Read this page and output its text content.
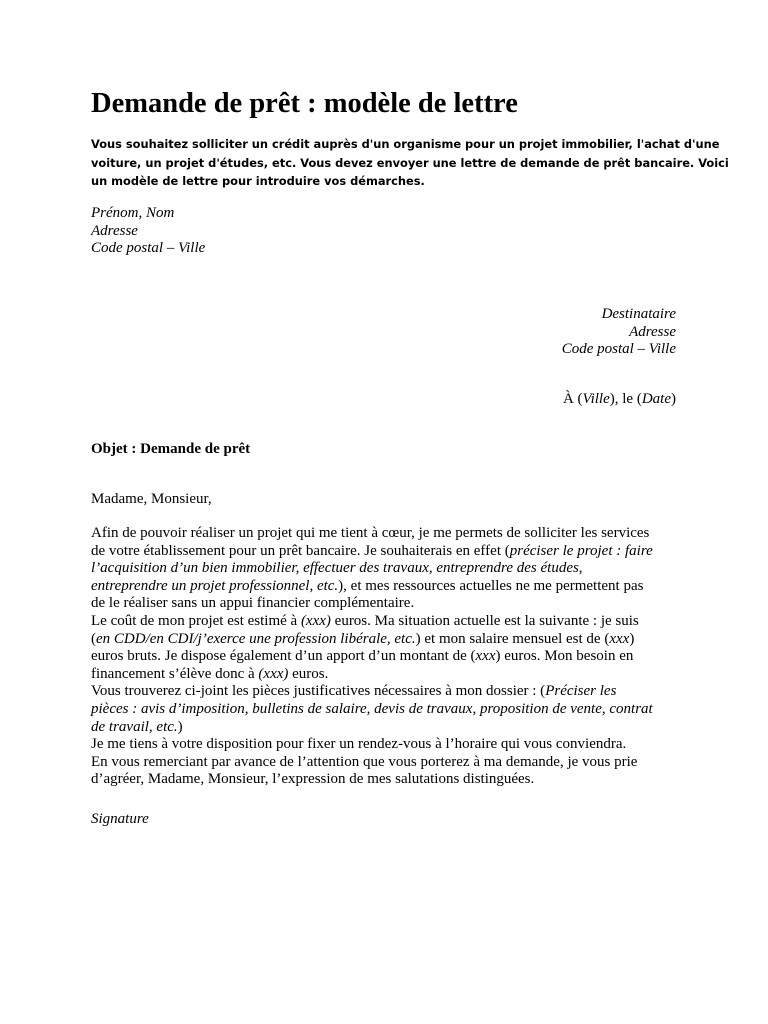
Demande de prêt : modèle de lettre
Vous souhaitez solliciter un crédit auprès d'un organisme pour un projet immobilier, l'achat d'une
voiture, un projet d'études, etc. Vous devez envoyer une lettre de demande de prêt bancaire. Voici
un modèle de lettre pour introduire vos démarches.
Prénom, Nom
Adresse
Code postal – Ville
Destinataire
Adresse
Code postal – Ville
À (Ville), le (Date)
Objet : Demande de prêt
Madame, Monsieur,
Afin de pouvoir réaliser un projet qui me tient à cœur, je me permets de solliciter les services
de votre établissement pour un prêt bancaire. Je souhaiterais en effet (préciser le projet : faire
l’acquisition d’un bien immobilier, effectuer des travaux, entreprendre des études,
entreprendre un projet professionnel, etc.), et mes ressources actuelles ne me permettent pas
de le réaliser sans un appui financier complémentaire.
Le coût de mon projet est estimé à (xxx) euros. Ma situation actuelle est la suivante : je suis
(en CDD/en CDI/j’exerce une profession libérale, etc.) et mon salaire mensuel est de (xxx)
euros bruts. Je dispose également d’un apport d’un montant de (xxx) euros. Mon besoin en
financement s’élève donc à (xxx) euros.
Vous trouverez ci-joint les pièces justificatives nécessaires à mon dossier : (Préciser les
pièces : avis d’imposition, bulletins de salaire, devis de travaux, proposition de vente, contrat
de travail, etc.)
Je me tiens à votre disposition pour fixer un rendez-vous à l’horaire qui vous conviendra.
En vous remerciant par avance de l’attention que vous porterez à ma demande, je vous prie
d’agréer, Madame, Monsieur, l’expression de mes salutations distinguées.
Signature
